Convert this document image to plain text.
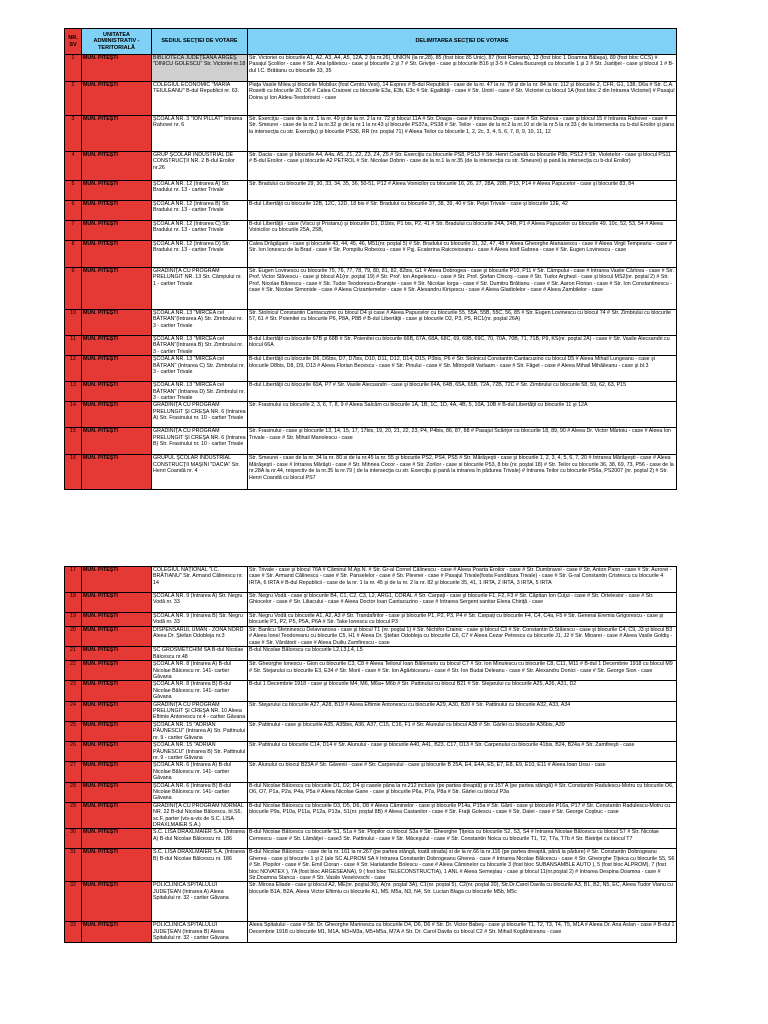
NR. SV	UNITATEA ADMINISTRATIV - TERITORIALĂ	SEDIUL SECŢIEI DE VOTARE	DELIMITAREA SECŢIEI DE VOTARE
1	MUN. PITEŞTI	BIBLIOTECA JUDEŢEANĂ ARGEŞ "DINICU GOLESCU" Str. Victoriei nr.18	Str. Victoriei cu blocurile A1, A2, A3, A4, A5, 12A, 2 (la nr.26), UNION (la nr.28), 85 (fost bloc 85 Unic), 87 (fost Romarta), 13 (fost bloc 1 Doamna Bălaşa), 89 (fost bloc CCS) # Pasajul Şcolilor - case # Str. Ana Ipătescu - case şi blocurile 2 şi 7 # Str. Griviţei - case şi blocurile B16 şi 3-5 # Calea Bucureşti cu blocurile 1 şi 2 # Str. Justiţiei - case şi blocul 1 # B-dul I.C. Brătianu cu blocurile 33, 35
2	MUN. PITEŞTI	COLEGIUL ECONOMIC "MARIA TEIULEANU" B-dul Republicii nr. 63.	Piaţa Vasile Milea şi blocurile Mobilux (fost Centru Vest), 14 Expres # B-dul Republicii - case de la nr. 47 la nr. 79 şi de la nr. 84 la nr. 112 şi blocurile 2, CFR, G1, 138, D6a # Str. C.A. Rosetti cu blocurile 20, D6 # Calea Craiovei cu blocurile E3a, E3b, E3c # Str. Egalităţii - case # Str. Unirii - case # Str. Victoriei cu blocul 1A (fost bloc 2 din Intrarea Victoriei) # Pasajul Doina şi Ion Aldea-Teodorovici - case
3	MUN. PITEŞTI	ŞCOALA NR. 3 "ION PILLAT" Intrarea Rahovei nr. 6	Str. Exerciţiu - case de la nr. 1 la nr. 49 şi de la nr. 2 la nr. 72 şi blocul 11A # Str. Doaga - case # Intrarea Doaga - case # Str. Rahova - case şi blocul 15 # Intrarea Rahovei - case # Str. Smeurei - case de la nr.2 la nr.32 şi de la nr.1 la nr.43 şi blocurile PS37a, PS38 # Str. Teilor - case de la nr.2 la nr.10 si de la nr.5 la nr.33 ( de la intersectia cu b-dul Eroilor şi pana la intersecţia cu str. Exerciţiu) şi blocurile PS36, RR (nr. poştal 71) # Aleea Teilor cu blocurile 1, 2, 2c, 3, 4, 5, 6, 7, 8, 9, 10, 11, 12
4	MUN. PITEŞTI	GRUP ŞCOLAR INDUSTRIAL DE CONSTRUCŢII NR. 2 B-dul Eroilor nr.26	Str. Dacia - case şi blocurile A4, A4a, A5, Z1, Z2, Z3, Z4, Z5 # Str. Exerciţiu cu blocurile PS8, PS13 # Str. Henri Coandă cu blocurile P8b, PS12 # Str. Violetelor - case şi blocul PS11 # B-dul Eroilor - case şi blocurile A2 PETROL # Str. Nicolae Dobrin - case de la nr.1 la nr.35 (de la intersecţia cu str. Smeurei) şi pană la intersecţia cu b-dul Eroilor)
5	MUN. PITEŞTI	ŞCOALA NR. 12 (Intrarea A) Str. Bradului nr. 13 - cartier Trivale	Str. Bradului cu blocurile 29, 30, 33, 34, 35, 36, 50-51, P12 # Aleea Voinicilor cu blocurile 16, 26, 27, 28A, 28B, P13, P14 # Aleea Papucelor - case şi blocurile 83, 84
6	MUN. PITEŞTI	ŞCOALA NR. 12 (Intrarea B) Str. Bradului nr. 13 - cartier Trivale	B-dul Libertăţii cu blocurile 12B, 12C, 12D, 18 bis # Str. Bradului cu blocurile 37, 38, 39, 40 # Str. Peţei Trivale - case şi blocurile 12E, 42
7	MUN. PITEŞTI	ŞCOALA NR. 12 (Intrarea C) Str. Bradului nr. 13 - cartier Trivale	B-dul Libertăţii - case (Viscu şi Pristanu) şi blocurile D1, D1bis, P1 bis, P2, 41 # Str. Bradului cu blocurile 24A, 24B, P1 # Aleea Papucelor cu blocurile 49, 10c, 52, 53, 54 # Aleea Voinicilor cu blocurile 25A, 25B,
8	MUN. PITEŞTI	ŞCOALA NR. 12 (Intrarea D) Str. Bradului nr. 13 - cartier Trivale	Calea Drăgăşani - case şi blocurile 43, 44, 45, 46, M51(nr. poştal 5) # Str. Bradului cu blocurile 31, 32, 47, 48 # Aleea Gheorghe Atanasescu - case # Aleea Virgil Tempeanu - case # Str. Ion Ionescu de la Brad - case # Str. Pompiliu Robescu - case # Pşj. Ecaterina Raicoviceanu - case # Aleea Iosif Gabrea - case # Str. Eugen Lovinescu - case
9	MUN. PITEŞTI	GRĂDINIŢA CU PROGRAM PRELUNGIT NR. 13 Str. Câmpului nr. 1 - cartier Trivale	Str. Eugen Lovinescu cu blocurile 75, 76, 77, 78, 79, 80, 81, 82, 82bis, G1 # Aleea Dobrogea - case şi blocurile P10, P11 # Str. Câmpului - case # Intrarea Vasile Cârlova - case # Str. Prof. Victor Slăvescu - case şi blocul A1(nr. poştal 19) # Str. Prof. Ion Angelescu - case # Str. Prof. Ştefan Chicoş - case # Str. Tudor Arghezi - case şi blocul MS2(nr. poştal 2) # Str. Prof. Nicolae Bănescu - case # Str. Tudor Teodorescu-Branişte - case # Str. Nicolae Iorga - case # Str. Dumitru Brătianu - case # Str. Aaron Florian - case # Str. Ion Constantinescu - case # Str. Nicolae Simonide - case # Aleea Crizantemelor - case # Str. Alexandru Kirişescu - case # Aleea Gladiolelor - case # Aleea Zambilelor - case
10	MUN. PITEŞTI	ŞCOALA NR. 13 "MIRCEA cel BĂTRAN"(Intrarea A) Str. Zimbrului nr. 3 - cartier Trivale	Str. Stolnicul Constantin Cantacuzino cu blocul D4 şi case # Aleea Papucelor cu blocurile 55, 55A, 55B, 55C, 56, 85 # Str. Eugen Lovinescu cu blocul 74 # Str. Zimbrului cu blocurile 57, 61 # Str. Poienitei cu blocurile P6, P8A, P8B # B-dul Libertăţii - case şi blocurile D2, P3, P5, RC1(nr. poştal 26A)
11	MUN. PITEŞTI	ŞCOALA NR. 13 "MIRCEA cel BĂTRAN"(Intrarea B) Str. Zimbrului nr. 3 - cartier Trivale	B-dul Libertăţii cu blocurile 67B şi 68B # Str. Poienitei cu blocurile 66B, 67A, 68A, 68C, 69, 69B, 69C, 70, 70A, 70B, 71, 71B, P9, KS(nr. poştal 2A) - case # Str. Vasile Alecsandri cu blocul 66A
12	MUN. PITEŞTI	ŞCOALA NR. 13 "MIRCEA cel BĂTRAN" (Intrarea C) Str. Zimbrului nr. 3 - cartier Trivale	B-dul Libertăţii cu blocurile D6, D6bis, D7, D7bis, D10, D11, D12, D14, D15, P3bis, P6 # Str. Stolnicul Constantin Cantacuzino cu blocul D5 # Aleea Mihail Lungeanu - case şi blocurile D8bis, D8, D9, D13 # Aleea Florian Becescu - case # Str. Pinului - case # Str. Mitropolit Varlaam - case # Str. Făget - case # Aleea Mihail Mihăileanu - case şi bl.3
13	MUN. PITEŞTI	ŞCOALA NR. 13 "MIRCEA cel BĂTRAN" (Intrarea D) Str. Zimbrului nr. 3 - cartier Trivale	B-dul Libertăţii cu blocurile 60A, P7 # Str. Vasile Alecsandri - case şi blocurile 64A, 64B, 65A, 65B, 72A, 72B, 72C # Str. Zimbrului cu blocurile 58, 59, 62, 63, P15
14	MUN. PITEŞTI	GRĂDINIŢA CU PROGRAM PRELUNGIT ŞI CREŞA NR. 6 (Intrarea A) Str. Frasinului nr. 10 - cartier Trivale	Str. Frasinului cu blocurile 2, 3, 6, 7, 8, 9 # Aleea Salcâm cu blocurile 1A, 1B, 1C, 1D, 4A, 4B, 5, 10A, 10B # B-dul Libertăţii cu blocurile 11 şi 12A
15	MUN. PITEŞTI	GRĂDINIŢA CU PROGRAM PRELUNGIT ŞI CREŞA NR. 6 (Intrarea B) Str. Frasinului nr. 10 - cartier Trivale	Str. Frasinului - case şi blocurile 13, 14, 15, 17, 17bis, 19, 20, 21, 22, 23, P4, P4bis, 86, 87, 88 # Pasajul Scăriţor cu blocurile 18, 89, 90 # Aleea Dr. Victor Mârtoiu - case # Aleea Ion Trivale - case # Str. Mihail Manolescu - case
16	MUN. PITEŞTI	GRUPUL ŞCOLAR INDUSTRIAL CONSTRUCŢII MAŞINI "DACIA" Str. Henri Coandă nr. 4	Str. Smeurei - case de la nr. 34 la nr. 80 si de la nr.45 la nr. 55 şi blocurile PS2, PS4, PS5 # Str. Mărăşeşti - case şi blocurile 1, 2, 3, 4, 5, 6, 7, 20 # Intrarea Mărăşeşti - case # Aleea Mărăşeşti - case # Intrarea Mărăşti - case # Str. Mihnea Cocor - case # Str. Zorilor - case si blocurile P53, 8 bis (nr. poştal 18) # Str. Teilor cu blocurile 36, 38, 69, 73, P56 - case de la nr.28A la nr.44, respectiv de la nr.35 la nr.79 ( de la intersecţia cu str. Exerciţiu şi pană la intrarea în pădurea Trivale) # Intrarea Teilor cu blocurile PS6a, PS2007 (nr. poştal 2) # Str. Henri Coandă cu blocul PS7
17	MUN. PITEŞTI	COLEGIUL NAŢIONAL "I.C. BRĂTIANU" Str. Armand Călinescu nr. 14	Str. Trivale - case şi blocul 76A # Căminul M.Ap.N. # Str. Gr-al Cornel Călinescu - case # Aleea Poarta Eroilor - case # Str. Dumbravei - case # Str. Anton Pann - case # Str. Aurorei - case # Str. Armand Călinescu - case # Str. Panselelor - case # Str. Plevnei - case # Pasajul Trivale(fosta Fundătura Trivale) - case # Str. G-ral Constantin Cristescu cu blocurile 4 IRTA, 6 IRTA # B-dul Republicii - case de la nr. 1 la nr. 45 şi de la nr. 2 la nr. 82 şi blocurile 35, 41, 1 IRTA, 2 IRTA, 3 IRTA, 5 IRTA
18	MUN. PITEŞTI	ŞCOALA NR. 9 (Intrarea A) Str. Negru Vodă nr. 33	Str. Negru Vodă - case şi blocurile B4, C1, C2, C3, L2, ARG1, CORAL # Str. Carpaţi - case şi blocurile F1, F2, F3 # Str. Căpitan Ion Cuţui - case # Str. Ortelesior - case # Str. Ghiocelor - case # Str. Liliacului - case # Aleea Doctor Ioan Cantacuzino - case # Intrarea Sergent sanitar Elena Chiriţă - case
19	MUN. PITEŞTI	ŞCOALA NR. 9 (Intrarea B) Str. Negru Vodă nr. 33	Str. Negru Vodă cu blocurile A1, A2, A3 # Str. Trandafirilor - case şi blocurile P1, P2, P3, P4 # Str. Carpaţi cu blocurile F4, C4, C4a, F5 # Str. General Eremia Grigorescu - case şi blocurile P1, P2, P5, P5A, P6A # Str. Take Ionescu cu blocul P3
20	MUN. PITEŞTI	DISPENSARUL UMAN - ZONA NORD Aleea Dr. Ştefan Odobleja nr.3	Str. Banlicu Sfetninescu Delavrancea - case şi blocul T1 (nr. poştal 1) # Str. Nichifor Crainic - case şi blocul C3 # Str. Constantin D.Stăiescu - case şi blocurile C4, C9, J3 şi blocul B3 # Aleea Ionel Teodoreanu cu blocurile C5, H1 # Aleea Dr. Ştefan Odobleja cu blocurile C6, C7 # Aleea Cezar Petrescu cu blocurile J1, J2 # Str. Mioarei - case # Aleea Vasile Goldiş - case # Str. Vânătorii - case # Aleea Duiliu Zamfirescu - case
21	MUN. PITEŞTI	SC GROSMETCHIM SA B-dul Nicolae Bălcescu nr.48	B-dul Nicolae Bălcescu cu blocurile L2,L3,L4, L5
22	MUN. PITEŞTI	ŞCOALA NR. 8 (Intrarea A) B-dul Nicolae Bălcescu nr. 141- cartier Găvana	Str. Gheorghe Ionescu - Gion cu blocurile C3, C8 # Aleea Teilorul Ioan Băilenariu cu blocul C7 # Str. Ion Minulescu cu blocurile C8, C11, M11 # B-dul 1 Decembrie 1918 cu blocul M9 # Str. Stejarului cu blocurile E3, E34 # Str. Morii - case # Str. Ion Agârbiceanu - case # Str. Ion Budai Deleanu - case # Str. Alexandru Donici - case # Str. George Sion - case
23	MUN. PITEŞTI	ŞCOALA NR. 8 (Intrarea B) B-dul Nicolae Bălcescu nr. 141- cartier Găvana	B-dul 1 Decembrie 1918 - case şi blocurile M4, M6, M6a+ M6b # Str. Pattinului cu blocul B21 # Str. Stejarului cu blocurile A25, A26, A31, D2
24	MUN. PITEŞTI	GRĂDINIŢA CU PROGRAM PRELUNGIT ŞI CREŞA NR. 10 Aleea Eftimie Antonescu nr.4 - cartier Găvana	Str. Stejarului cu blocurile A27, A28, B19 # Aleea Eftimie Antonescu cu blocurile A29, A30, B20 # Str. Pattinului cu blocurile A32, A33, A34
25	MUN. PITEŞTI	ŞCOALA NR. 15 "ADRIAN PĂUNESCU" (Intrarea A) Str. Pattinului nr. 9 - cartier Găvana	Str. Pattinului - case şi blocurile A35, A35bis, A36, A37, C15, C16, F1 # Str. Alunului cu blocul A38 # Str. Gârlei cu blocurile A36bis, A39
26	MUN. PITEŞTI	ŞCOALA NR. 15 "ADRIAN PĂUNESCU" (Intrarea B) Str. Pattinului nr. 9 - cartier Găvana	Str. Pattinului cu blocurile C14, D14 # Str. Alunului - case şi blocurile A40, A41, B23, C17, D13 # Str. Carpenului cu blocurile 41bis, B24, B24a # Str. Zamfireşti - case
27	MUN. PITEŞTI	ŞCOALA NR. 6 (Intrarea A) B-dul Nicolae Bălcescu nr. 141- cartier Găvana	Str. Alunului cu blocul B23A # Str. Găvenii - case # Str. Carpenului - case şi blocurile B 25A, E4, E4A, E5, E7, E8, E9, E10, E11 # Aleea Ioan Ursu - case
28	MUN. PITEŞTI	ŞCOALA NR. 6 (Intrarea B) B-dul Nicolae Bălcescu nr. 141- cartier Găvana	B-dul Nicolae Bălcescu cu blocurile D1, D2, D4 şi casele pâna la nr.212 inclusiv (pe partea dreaptă) şi nr.157 A (pe partea stângă) # Str. Constantin Radulescu-Motru cu blocurile O6, O6, O7, P1a, P2a, P4a, P5a # Aleea Nicolae Gane - case şi blocurile P6a, P7a, P8a # Str. Gârlei cu blocul P3a
29	MUN. PITEŞTI	GRĂDINIŢA CU PROGRAM NORMAL NR. 22 B-dul Nicolae Bălcescu, bl.S5, sc.F, parter (vis-a-vis de S.C. LISA DRAXLMAIER S.A.)	B-dul Nicolae Bălcescu cu blocurile D3, D5, D6, D8 # Aleea Căminelor - case şi blocurile P14a, P15a # Str. Gării - case şi blocurile P16a, P17 # Str. Constantin Radulescu-Motru cu blocurile P9a, P10a, P11a, P12a, P13a, S1(nr. poştal 8B) # Aleea Castanilor - case # Str. Fraţii Golescu - case # Str. Dalei - case # Str. George Coşbuc - case
30	MUN. PITEŞTI	S.C. LISA DRAXLMAIER S.A. (Intrarea A) B-dul Nicolae Bălcescu nr. 186	B-dul Nicolae Bălcescu cu blocurile S1, S1a # Str. Plopilor cu blocul S3a # Str. Gheorghe Ţiţeica cu blocurile S2, S3, S4 # Intrarea Nicolae Bălcescu cu blocul S7 # Str. Nicolae Cernescu - case # Str. Lămâiţei - case3 Str. Pattinului - case # Str. Măceşului - case # Str. Constantin Noica cu blocurile T1, T2, T7a, T7b # Str. Bistriţei cu blocul T7
31	MUN. PITEŞTI	S.C. LISA DRAXLMAIER S.A. (Intrarea B) B-dul Nicolae Bălcescu nr. 186	B-dul Nicolae Bălcescu - case de la nr. 161 la nr.267 (pe partea stângă, toată strada) si de la nr.66 la nr.116 (pe partea dreaptă, până la pădure) # Str. Constantin Dobrogeanu Gherea - case şi blocurile 1 şi 2 (ale SC ALPROM SA # Intrarea Constantin Dobrogeanu Gherea - case # Intrarea Nicolae Bălcescu - case # Str. Gheorghe Ţiţeica cu blocurile S5, S6 # Str. Plopilor - case # Str. Emil Cioran - case # Str. Hariatandie Bolescu - case # Aleea Căminelor cu blocurile 3 (fost bloc SUBANSAMBLE AUTO ), 5 (fost bloc ALPROM), 7 (fost bloc NOVATEX ), 7A (fost bloc ARGESEANA), 9 ( fost bloc TELECONSTRUCTIA), 1 ANL # Aleea Semeşlau - case şi blocul 11(nr.poştal 2) # Intrarea Despina Doamna - case # Str.Doamna Stanca - case # Str. Vasile Veselovschi - case
32	MUN. PITEŞTI	POLICLINICA SPITALULUI JUDEŢEAN (Intrarea A) Aleea Spitalului nr. 32 - cartier Găvana	Str. Mircea Eliade - case şi blocul A2, ME(nr. poştal 36), A(nr. poştal 3A), C1(nr. poştal 5), C2(nr. poştal 20), Str.Dr.Carol Davila cu blocurile A3, B1, B2, N5, EC, Aleea Tudor Vianu cu blocurile B1A, B2A, Aleea Victor Eftimiu cu blocurile A1, M5, M5a, N3, N4, Str. Lucian Blaga cu blocurile M5b, M5c
33	MUN. PITEŞTI	POLICLINICA SPITALULUI JUDEŢEAN (Intrarea B) Aleea Spitalului nr. 32 - cartier Găvana	Aleea Spitalului - case # Str. Dr. Gheorghe Marinescu cu blocurile D4, D6, D6 # Str. Dr. Victor Babeş - case şi blocurile T1, T2, T3, T4, T5, M1A # Aleea Dr. Ana Aslan - case # B-dul 1 Decembrie 1918 cu blocurile M1, M1A, M3+M3a, M5+M5a, M7A # Str. Dr. Carol Davila cu blocul C2 # Str. Mihail Kogălniceanu - case
